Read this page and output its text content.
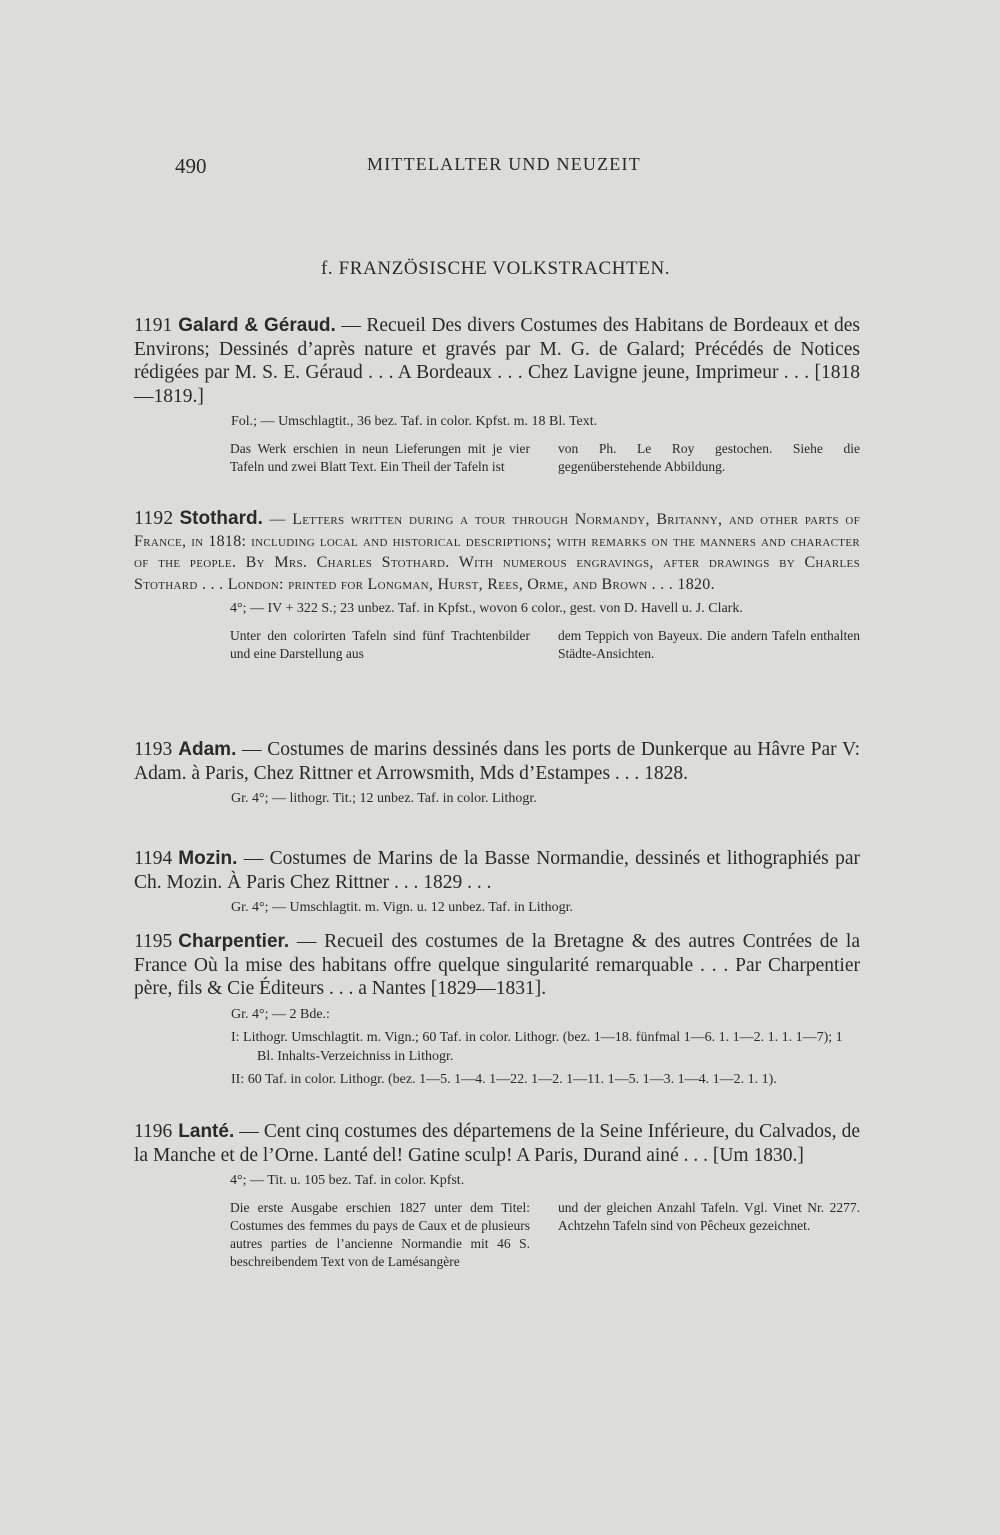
490	MITTELALTER UND NEUZEIT
f. FRANZÖSISCHE VOLKSTRACHTEN.

1191 Galard & Géraud. — Recueil Des divers Costumes des Habitans de Bordeaux et des Environs; Dessinés d’après nature et gravés par M. G. de Galard; Précédés de Notices rédigées par M. S. E. Géraud . . . A Bordeaux . . . Chez Lavigne jeune, Imprimeur . . . [1818—1819.]

Fol.; — Umschlagtit., 36 bez. Taf. in color. Kpfst. m. 18 Bl. Text.
Das Werk erschien in neun Lieferungen mit je vier Tafeln und zwei Blatt Text. Ein Theil der Tafeln ist
von Ph. Le Roy gestochen. Siehe die gegenüberstehende Abbildung.

1192 Stothard. — Letters written during a tour through Normandy, Britanny, and other parts of France, in 1818: including local and historical descriptions; with remarks on the manners and character of the people. By Mrs. Charles Stothard. With numerous engravings, after drawings by Charles Stothard . . . London: printed for Longman, Hurst, Rees, Orme, and Brown . . . 1820.

4°; — IV + 322 S.; 23 unbez. Taf. in Kpfst., wovon 6 color., gest. von D. Havell u. J. Clark.
Unter den colorirten Tafeln sind fünf Trachtenbilder und eine Darstellung aus
dem Teppich von Bayeux. Die andern Tafeln enthalten Städte-Ansichten.

1193 Adam. — Costumes de marins dessinés dans les ports de Dunkerque au Hâvre Par V: Adam. à Paris, Chez Rittner et Arrowsmith, Mds d’Estampes . . . 1828.

Gr. 4°; — lithogr. Tit.; 12 unbez. Taf. in color. Lithogr.

1194 Mozin. — Costumes de Marins de la Basse Normandie, dessinés et lithographiés par Ch. Mozin. À Paris Chez Rittner . . . 1829 . . .

Gr. 4°; — Umschlagtit. m. Vign. u. 12 unbez. Taf. in Lithogr.

1195 Charpentier. — Recueil des costumes de la Bretagne & des autres Contrées de la France Où la mise des habitans offre quelque singularité remarquable . . . Par Charpentier père, fils & Cie Éditeurs . . . a Nantes [1829—1831].

Gr. 4°; — 2 Bde.:
I: Lithogr. Umschlagtit. m. Vign.; 60 Taf. in color. Lithogr. (bez. 1—18. fünfmal 1—6. 1. 1—2. 1. 1. 1—7); 1 Bl. Inhalts-Verzeichniss in Lithogr.
II: 60 Taf. in color. Lithogr. (bez. 1—5. 1—4. 1—22. 1—2. 1—11. 1—5. 1—3. 1—4. 1—2. 1. 1).

1196 Lanté. — Cent cinq costumes des départemens de la Seine Inférieure, du Calvados, de la Manche et de l’Orne. Lanté del! Gatine sculp! A Paris, Durand ainé . . . [Um 1830.]

4°; — Tit. u. 105 bez. Taf. in color. Kpfst.
Die erste Ausgabe erschien 1827 unter dem Titel: Costumes des femmes du pays de Caux et de plusieurs autres parties de l’ancienne Normandie mit 46 S. beschreibendem Text von de Lamésangère
und der gleichen Anzahl Tafeln. Vgl. Vinet Nr. 2277. Achtzehn Tafeln sind von Pêcheux gezeichnet.
